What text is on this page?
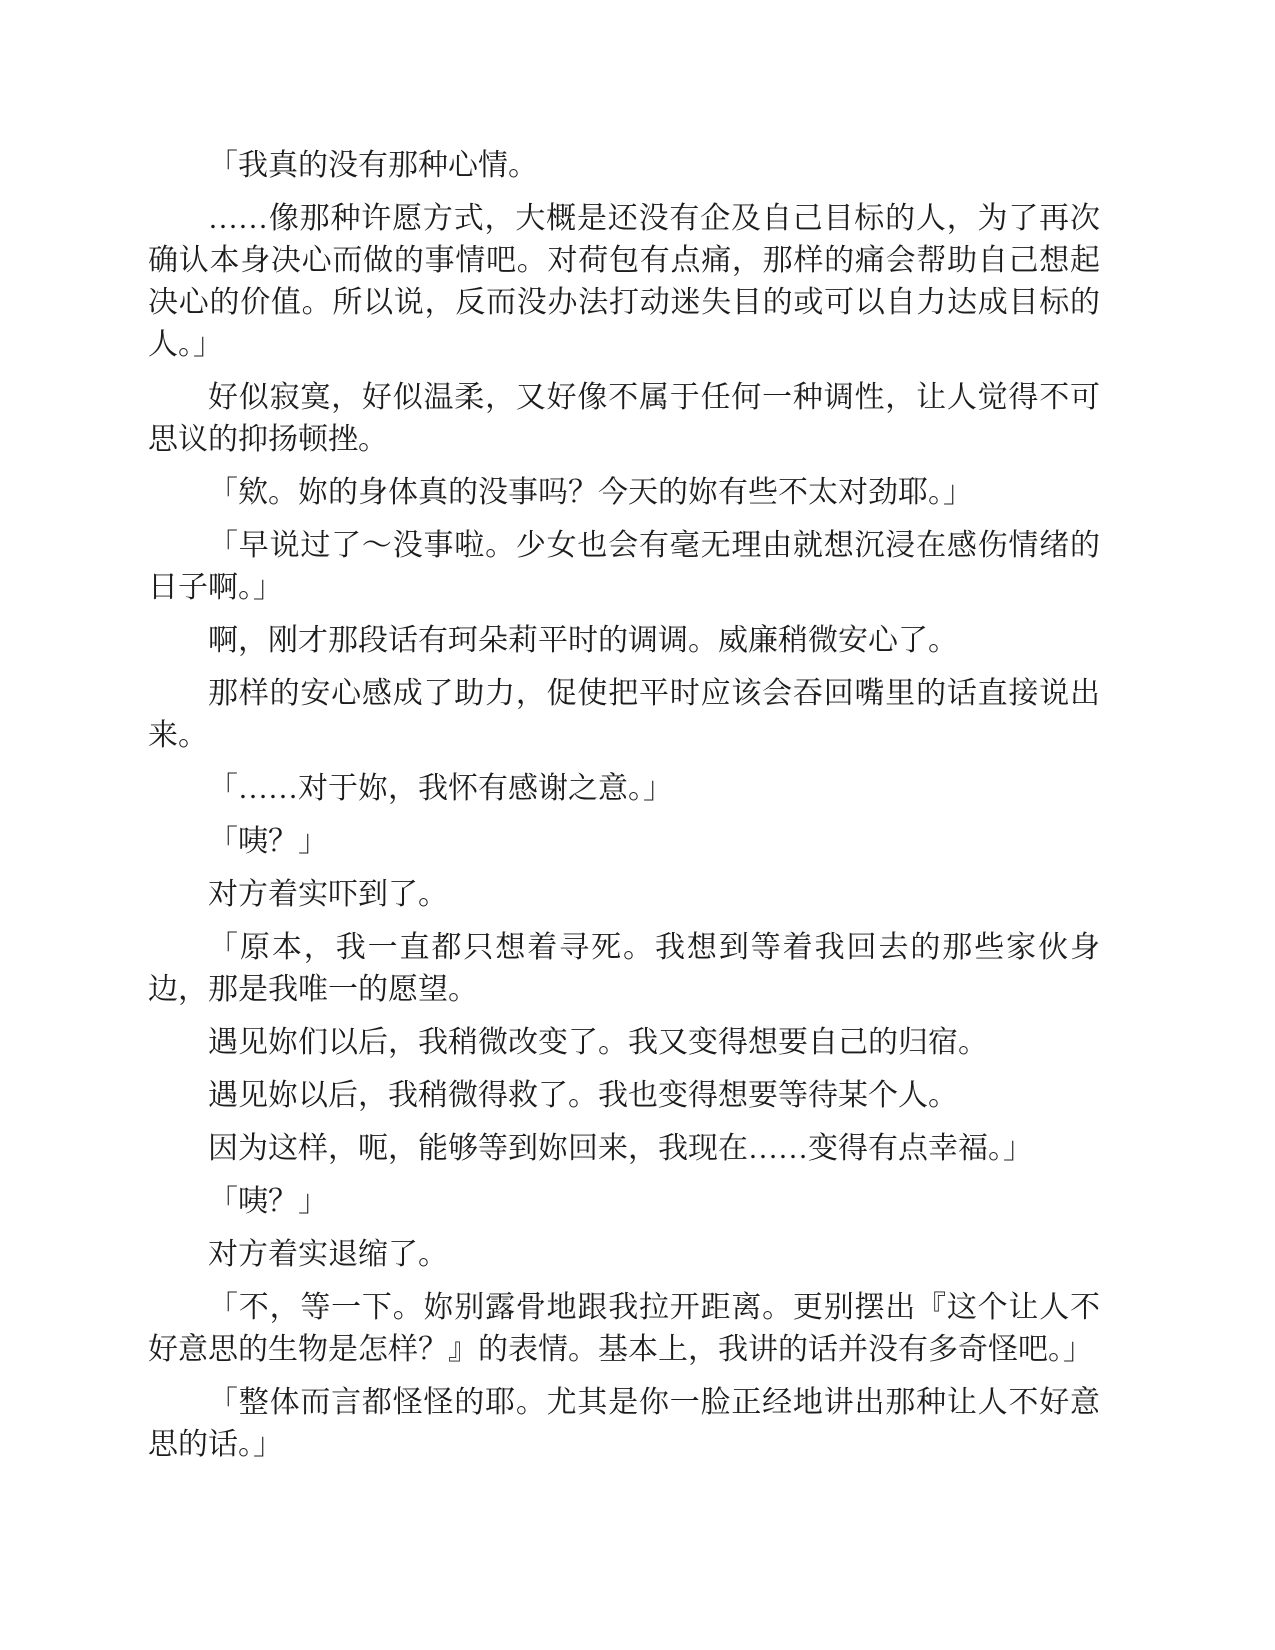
「我真的没有那种心情。

……像那种许愿方式，大概是还没有企及自己目标的人，为了再次确认本身决心而做的事情吧。对荷包有点痛，那样的痛会帮助自己想起决心的价值。所以说，反而没办法打动迷失目的或可以自力达成目标的人。」

好似寂寞，好似温柔，又好像不属于任何一种调性，让人觉得不可思议的抑扬顿挫。

「欸。妳的身体真的没事吗？今天的妳有些不太对劲耶。」

「早说过了～没事啦。少女也会有毫无理由就想沉浸在感伤情绪的日子啊。」

啊，刚才那段话有珂朵莉平时的调调。威廉稍微安心了。

那样的安心感成了助力，促使把平时应该会吞回嘴里的话直接说出来。

「……对于妳，我怀有感谢之意。」

「咦？」

对方着实吓到了。

「原本，我一直都只想着寻死。我想到等着我回去的那些家伙身边，那是我唯一的愿望。

遇见妳们以后，我稍微改变了。我又变得想要自己的归宿。

遇见妳以后，我稍微得救了。我也变得想要等待某个人。

因为这样，呃，能够等到妳回来，我现在……变得有点幸福。」

「咦？」

对方着实退缩了。

「不，等一下。妳别露骨地跟我拉开距离。更别摆出『这个让人不好意思的生物是怎样？』的表情。基本上，我讲的话并没有多奇怪吧。」

「整体而言都怪怪的耶。尤其是你一脸正经地讲出那种让人不好意思的话。」
